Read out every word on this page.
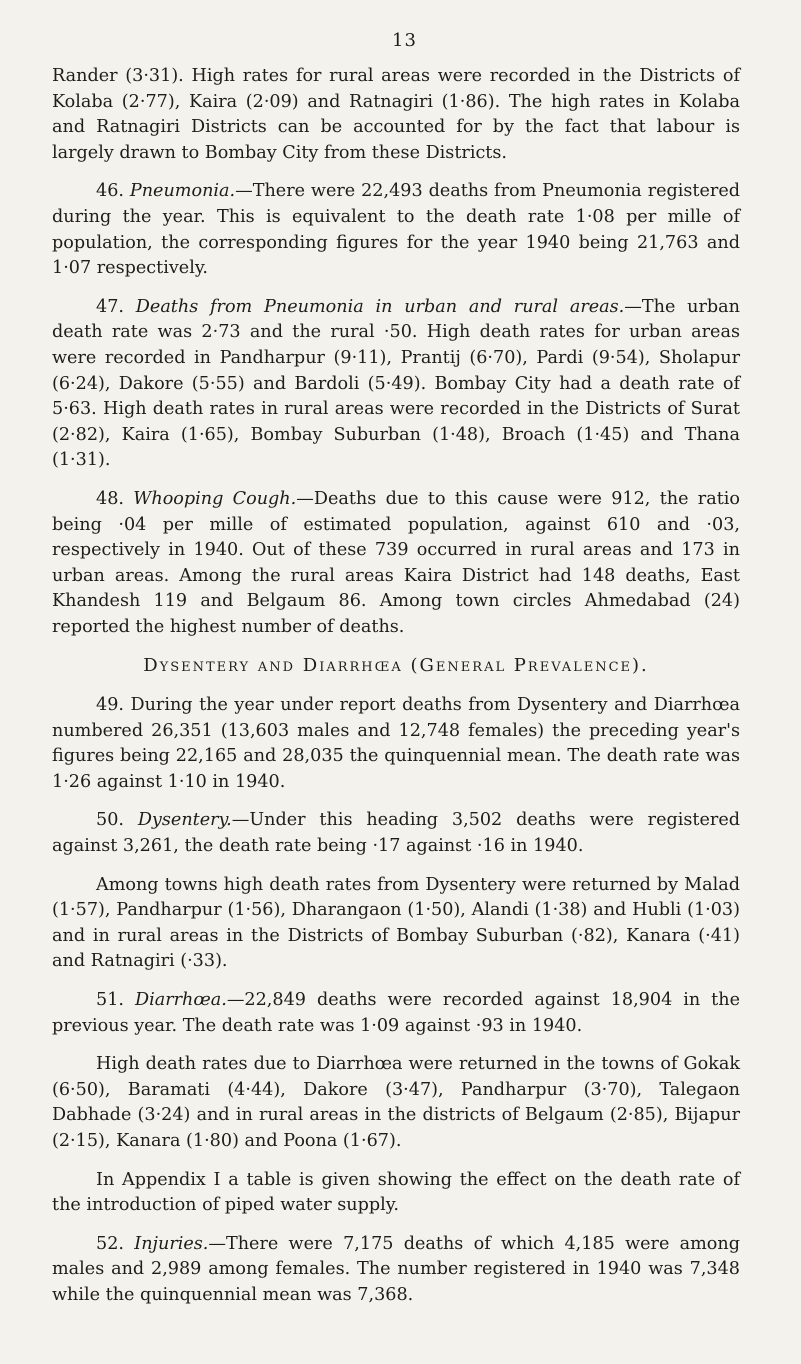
13

Rander (3·31). High rates for rural areas were recorded in the Districts of Kolaba (2·77), Kaira (2·09) and Ratnagiri (1·86). The high rates in Kolaba and Ratnagiri Districts can be accounted for by the fact that labour is largely drawn to Bombay City from these Districts.

46. Pneumonia.—There were 22,493 deaths from Pneumonia registered during the year. This is equivalent to the death rate 1·08 per mille of population, the corresponding figures for the year 1940 being 21,763 and 1·07 respectively.

47. Deaths from Pneumonia in urban and rural areas.—The urban death rate was 2·73 and the rural ·50. High death rates for urban areas were recorded in Pandharpur (9·11), Prantij (6·70), Pardi (9·54), Sholapur (6·24), Dakore (5·55) and Bardoli (5·49). Bombay City had a death rate of 5·63. High death rates in rural areas were recorded in the Districts of Surat (2·82), Kaira (1·65), Bombay Suburban (1·48), Broach (1·45) and Thana (1·31).

48. Whooping Cough.—Deaths due to this cause were 912, the ratio being ·04 per mille of estimated population, against 610 and ·03, respectively in 1940. Out of these 739 occurred in rural areas and 173 in urban areas. Among the rural areas Kaira District had 148 deaths, East Khandesh 119 and Belgaum 86. Among town circles Ahmedabad (24) reported the highest number of deaths.

Dysentery and Diarrhœa (General Prevalence).

49. During the year under report deaths from Dysentery and Diarrhœa numbered 26,351 (13,603 males and 12,748 females) the preceding year's figures being 22,165 and 28,035 the quinquennial mean. The death rate was 1·26 against 1·10 in 1940.

50. Dysentery.—Under this heading 3,502 deaths were registered against 3,261, the death rate being ·17 against ·16 in 1940.

Among towns high death rates from Dysentery were returned by Malad (1·57), Pandharpur (1·56), Dharangaon (1·50), Alandi (1·38) and Hubli (1·03) and in rural areas in the Districts of Bombay Suburban (·82), Kanara (·41) and Ratnagiri (·33).

51. Diarrhœa.—22,849 deaths were recorded against 18,904 in the previous year. The death rate was 1·09 against ·93 in 1940.

High death rates due to Diarrhœa were returned in the towns of Gokak (6·50), Baramati (4·44), Dakore (3·47), Pandharpur (3·70), Talegaon Dabhade (3·24) and in rural areas in the districts of Belgaum (2·85), Bijapur (2·15), Kanara (1·80) and Poona (1·67).

In Appendix I a table is given showing the effect on the death rate of the introduction of piped water supply.

52. Injuries.—There were 7,175 deaths of which 4,185 were among males and 2,989 among females. The number registered in 1940 was 7,348 while the quinquennial mean was 7,368.
